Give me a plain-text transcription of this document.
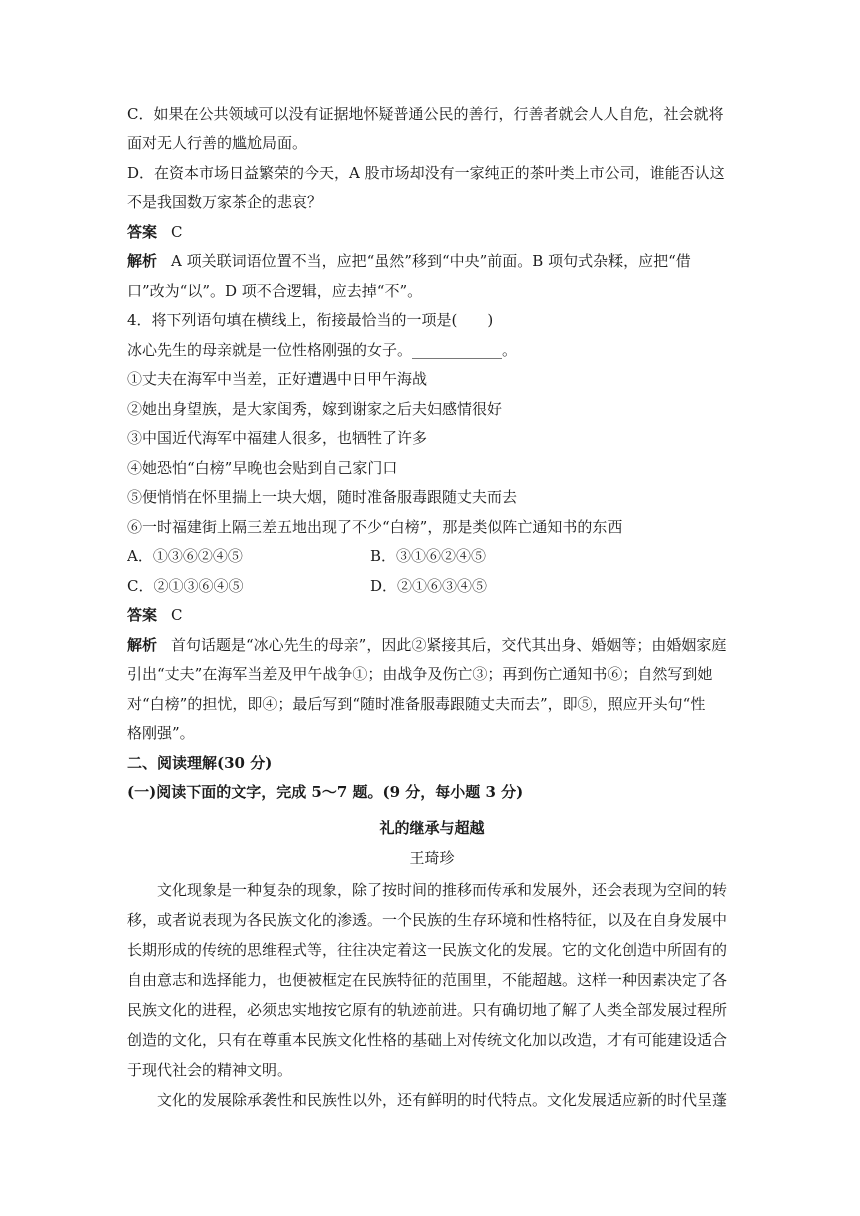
C．如果在公共领域可以没有证据地怀疑普通公民的善行，行善者就会人人自危，社会就将
面对无人行善的尴尬局面。
D．在资本市场日益繁荣的今天，A 股市场却没有一家纯正的茶叶类上市公司，谁能否认这
不是我国数万家茶企的悲哀？
答案 C
解析 A 项关联词语位置不当，应把“虽然”移到“中央”前面。B 项句式杂糅，应把“借
口”改为“以”。D 项不合逻辑，应去掉“不”。
4．将下列语句填在横线上，衔接最恰当的一项是(　　)
冰心先生的母亲就是一位性格刚强的女子。____________。
①丈夫在海军中当差，正好遭遇中日甲午海战
②她出身望族，是大家闺秀，嫁到谢家之后夫妇感情很好
③中国近代海军中福建人很多，也牺牲了许多
④她恐怕“白榜”早晚也会贴到自己家门口
⑤便悄悄在怀里揣上一块大烟，随时准备服毒跟随丈夫而去
⑥一时福建街上隔三差五地出现了不少“白榜”，那是类似阵亡通知书的东西
A．①③⑥②④⑤	B．③①⑥②④⑤
C．②①③⑥④⑤	D．②①⑥③④⑤
答案 C
解析 首句话题是“冰心先生的母亲”，因此②紧接其后，交代其出身、婚姻等；由婚姻家庭
引出“丈夫”在海军当差及甲午战争①；由战争及伤亡③；再到伤亡通知书⑥；自然写到她
对“白榜”的担忧，即④；最后写到“随时准备服毒跟随丈夫而去”，即⑤，照应开头句“性
格刚强”。
二、阅读理解(30 分)
(一)阅读下面的文字，完成 5～7 题。(9 分，每小题 3 分)
礼的继承与超越
王琦珍
文化现象是一种复杂的现象，除了按时间的推移而传承和发展外，还会表现为空间的转
移，或者说表现为各民族文化的渗透。一个民族的生存环境和性格特征，以及在自身发展中
长期形成的传统的思维程式等，往往决定着这一民族文化的发展。它的文化创造中所固有的
自由意志和选择能力，也便被框定在民族特征的范围里，不能超越。这样一种因素决定了各
民族文化的进程，必须忠实地按它原有的轨迹前进。只有确切地了解了人类全部发展过程所
创造的文化，只有在尊重本民族文化性格的基础上对传统文化加以改造，才有可能建设适合
于现代社会的精神文明。
文化的发展除承袭性和民族性以外，还有鲜明的时代特点。文化发展适应新的时代呈蓬
